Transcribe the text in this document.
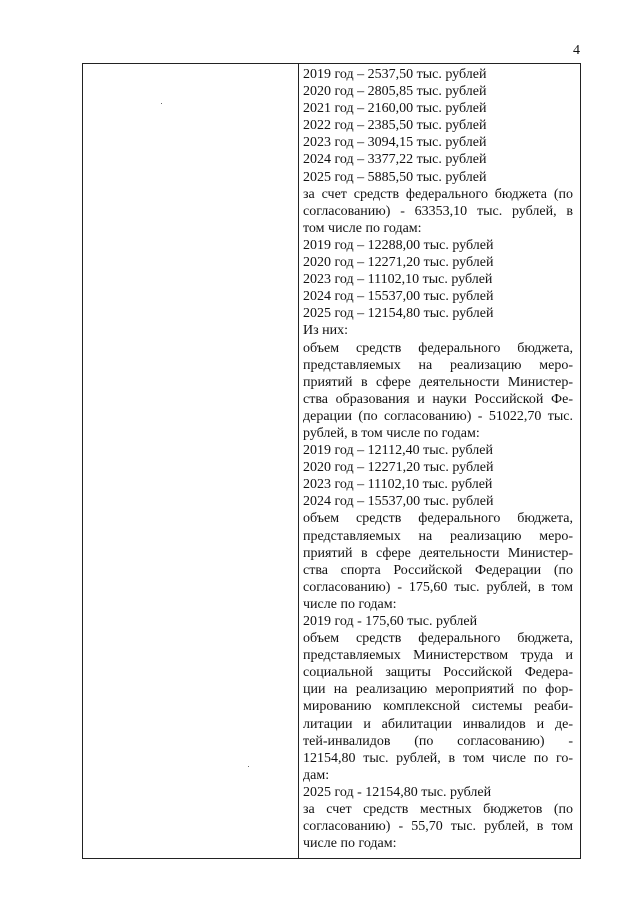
4
2019 год – 2537,50 тыс. рублей
2020 год – 2805,85 тыс. рублей
2021 год – 2160,00 тыс. рублей
2022 год – 2385,50 тыс. рублей
2023 год – 3094,15 тыс. рублей
2024 год – 3377,22 тыс. рублей
2025 год – 5885,50 тыс. рублей
за счет средств федерального бюджета (по
согласованию) - 63353,10 тыс. рублей, в
том числе по годам:
2019 год – 12288,00 тыс. рублей
2020 год – 12271,20 тыс. рублей
2023 год – 11102,10 тыс. рублей
2024 год – 15537,00 тыс. рублей
2025 год – 12154,80 тыс. рублей
Из них:
объем средств федерального бюджета,
представляемых на реализацию меро-
приятий в сфере деятельности Министер-
ства образования и науки Российской Фе-
дерации (по согласованию) - 51022,70 тыс.
рублей, в том числе по годам:
2019 год – 12112,40 тыс. рублей
2020 год – 12271,20 тыс. рублей
2023 год – 11102,10 тыс. рублей
2024 год – 15537,00 тыс. рублей
объем средств федерального бюджета,
представляемых на реализацию меро-
приятий в сфере деятельности Министер-
ства спорта Российской Федерации (по
согласованию) - 175,60 тыс. рублей, в том
числе по годам:
2019 год - 175,60 тыс. рублей
объем средств федерального бюджета,
представляемых Министерством труда и
социальной защиты Российской Федера-
ции на реализацию мероприятий по фор-
мированию комплексной системы реаби-
литации и абилитации инвалидов и де-
тей-инвалидов (по согласованию) -
12154,80 тыс. рублей, в том числе по го-
дам:
2025 год - 12154,80 тыс. рублей
за счет средств местных бюджетов (по
согласованию) - 55,70 тыс. рублей, в том
числе по годам:
